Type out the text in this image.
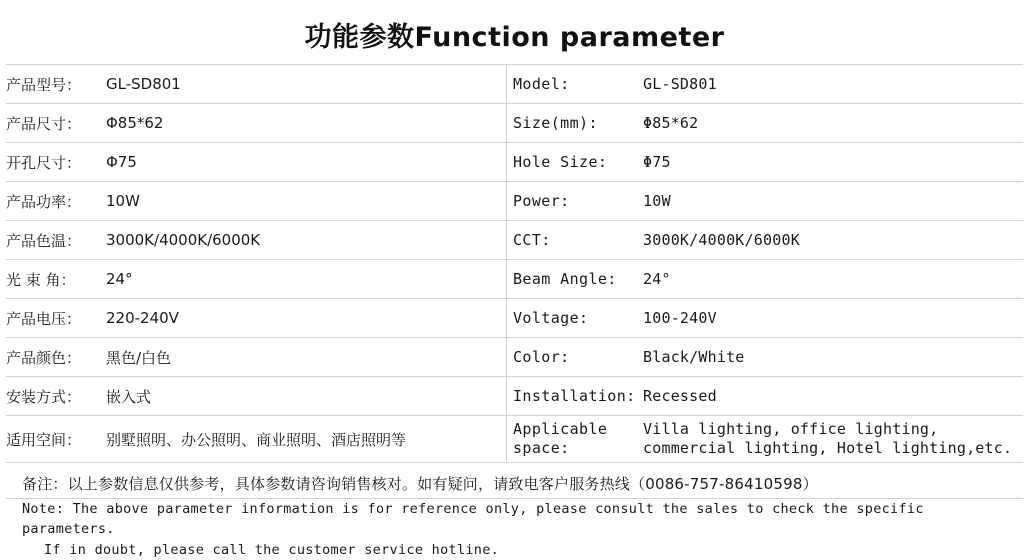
功能参数Function parameter
产品型号：	GL-SD801		Model:	GL-SD801
产品尺寸：	Φ85*62		Size(mm):	Φ85*62
开孔尺寸：	Φ75		Hole Size:	Φ75
产品功率：	10W		Power:	10W
产品色温：	3000K/4000K/6000K		CCT:	3000K/4000K/6000K
光 束 角：	24°		Beam Angle:	24°
产品电压：	220-240V		Voltage:	100-240V
产品颜色：	黑色/白色		Color:	Black/White
安装方式：	嵌入式		Installation:	Recessed
适用空间：	别墅照明、办公照明、商业照明、酒店照明等		Applicable space:	Villa lighting, office lighting, commercial lighting, Hotel lighting,etc.
备注：以上参数信息仅供参考，具体参数请咨询销售核对。如有疑问，请致电客户服务热线（0086-757-86410598）
Note: The above parameter information is for reference only, please consult the sales to check the specific parameters.
If in doubt, please call the customer service hotline.
